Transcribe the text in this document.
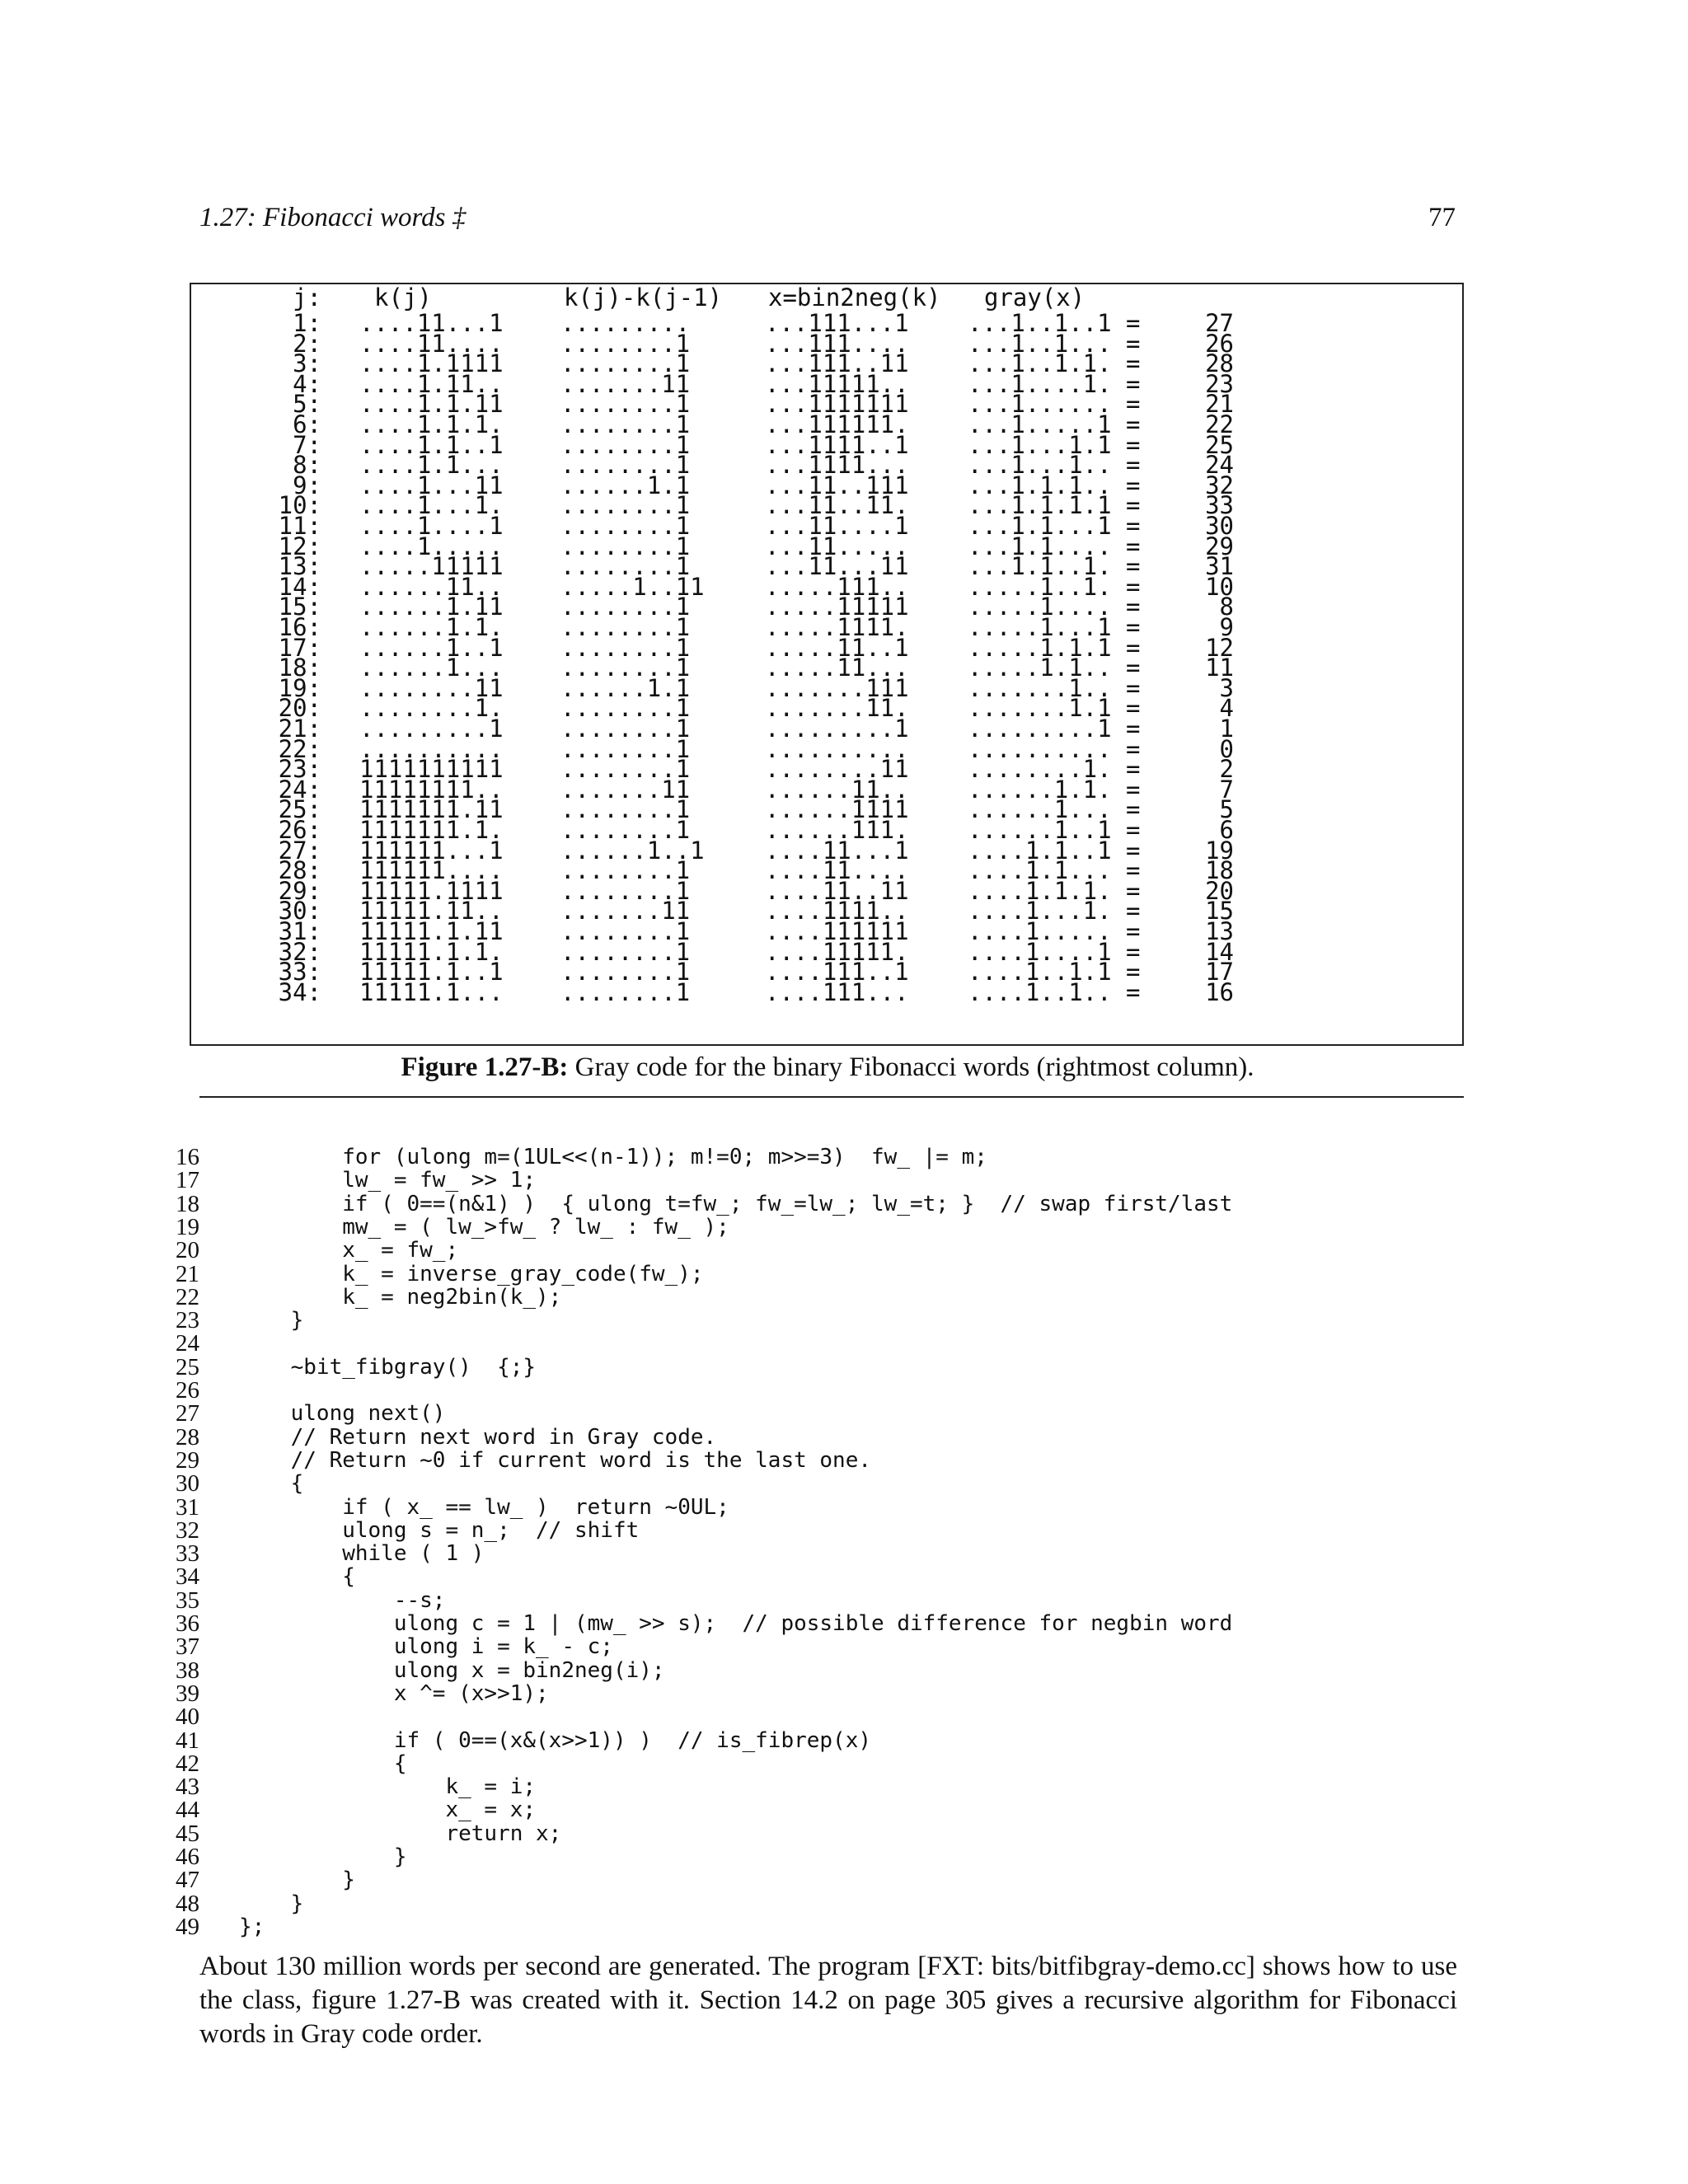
1.27: Fibonacci words ‡	77
j: k(j)	k(j)-k(j-1) x=bin2neg(k) gray(x)
1: ....11...1 .........	...111...1 ...1..1..1 =	27
2: ....11.... ........1	...111.... ...1..1... =	26
3: ....1.1111 ........1	...111..11 ...1..1.1. =	28
4: ....1.11.. .......11	...11111.. ...1....1. =	23
5: ....1.1.11 ........1	...1111111 ...1...... =	21
6: ....1.1.1. ........1	...111111. ...1.....1 =	22
7: ....1.1..1 ........1	...1111..1 ...1...1.1 =	25
8: ....1.1... ........1	...1111... ...1...1.. =	24
9: ....1...11 ......1.1	...11..111 ...1.1.1.. =	32
10: ....1...1. ........1	...11..11. ...1.1.1.1 =	33
11: ....1....1 ........1	...11....1 ...1.1...1 =	30
12: ....1..... ........1	...11..... ...1.1.... =	29
13: .....11111 ........1	...11...11 ...1.1..1. =	31
14: ......11.. .....1..11	.....111.. .....1..1. =	10
15: ......1.11 ........1	.....11111 .....1.... =	8
16: ......1.1. ........1	.....1111. .....1...1 =	9
17: ......1..1 ........1	.....11..1 .....1.1.1 =	12
18: ......1... ........1	.....11... .....1.1.. =	11
19: ........11 ......1.1	.......111 .......1.. =	3
20: ........1. ........1	.......11. .......1.1 =	4
21: .........1 ........1	.........1 .........1 =	1
22: .......... ........1	.......... .......... =	0
23: 1111111111 ........1	........11 ........1. =	2
24: 11111111.. .......11	......11.. ......1.1. =	7
25: 1111111.11 ........1	......1111 ......1... =	5
26: 1111111.1. ........1	......111. ......1..1 =	6
27: 111111...1 ......1..1	....11...1 ....1.1..1 =	19
28: 111111.... ........1	....11.... ....1.1... =	18
29: 11111.1111 ........1	....11..11 ....1.1.1. =	20
30: 11111.11.. .......11	....1111.. ....1...1. =	15
31: 11111.1.11 ........1	....111111 ....1..... =	13
32: 11111.1.1. ........1	....11111. ....1....1 =	14
33: 11111.1..1 ........1	....111..1 ....1..1.1 =	17
34: 11111.1... ........1	....111... ....1..1.. =	16
Figure 1.27-B: Gray code for the binary Fibonacci words (rightmost column).
16 for (ulong m=(1UL<<(n-1)); m!=0; m>>=3)  fw_ |= m;
17 lw_ = fw_ >> 1;
18 if ( 0==(n&1) )  { ulong t=fw_; fw_=lw_; lw_=t; }  // swap first/last
19 mw_ = ( lw_>fw_ ? lw_ : fw_ );
20 x_ = fw_;
21 k_ = inverse_gray_code(fw_);
22 k_ = neg2bin(k_);
23 }
24
25 ~bit_fibgray()  {;}
26
27 ulong next()
28 // Return next word in Gray code.
29 // Return ~0 if current word is the last one.
30 {
31 if ( x_ == lw_ )  return ~0UL;
32 ulong s = n_;  // shift
33 while ( 1 )
34 {
35 --s;
36 ulong c = 1 | (mw_ >> s);  // possible difference for negbin word
37 ulong i = k_ - c;
38 ulong x = bin2neg(i);
39 x ^= (x>>1);
40
41 if ( 0==(x&(x>>1)) )  // is_fibrep(x)
42 {
43 k_ = i;
44 x_ = x;
45 return x;
46 }
47 }
48 }
49 };
About 130 million words per second are generated. The program [FXT: bits/bitfibgray-demo.cc] shows how to use the class, figure 1.27-B was created with it. Section 14.2 on page 305 gives a recursive algorithm for Fibonacci words in Gray code order.
